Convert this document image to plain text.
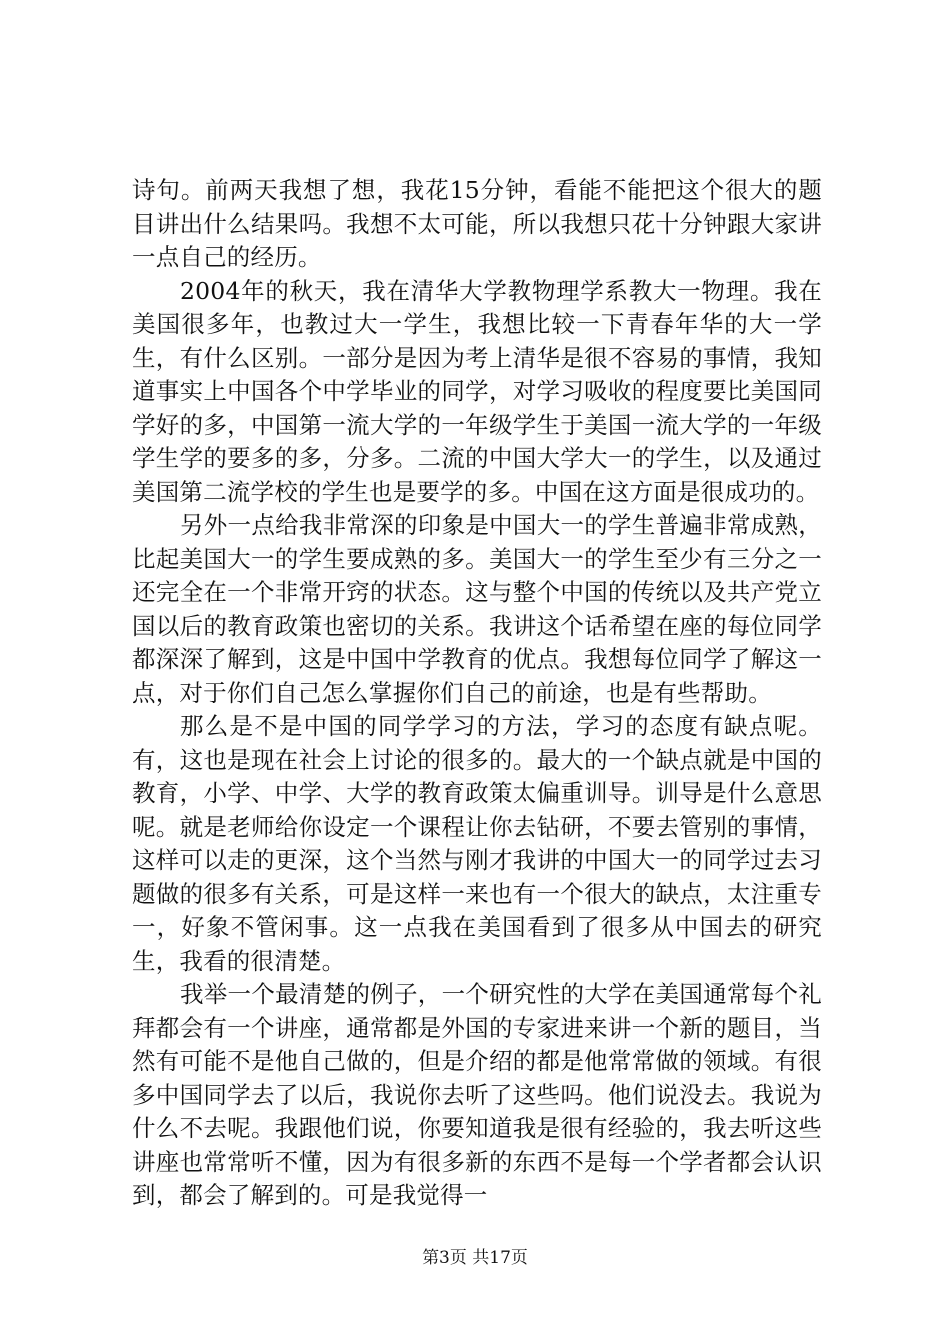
诗句。前两天我想了想，我花15分钟，看能不能把这个很大的题目讲出什么结果吗。我想不太可能，所以我想只花十分钟跟大家讲一点自己的经历。

2004年的秋天，我在清华大学教物理学系教大一物理。我在美国很多年，也教过大一学生，我想比较一下青春年华的大一学生，有什么区别。一部分是因为考上清华是很不容易的事情，我知道事实上中国各个中学毕业的同学，对学习吸收的程度要比美国同学好的多，中国第一流大学的一年级学生于美国一流大学的一年级学生学的要多的多，分多。二流的中国大学大一的学生，以及通过美国第二流学校的学生也是要学的多。中国在这方面是很成功的。

另外一点给我非常深的印象是中国大一的学生普遍非常成熟，比起美国大一的学生要成熟的多。美国大一的学生至少有三分之一还完全在一个非常开窍的状态。这与整个中国的传统以及共产党立国以后的教育政策也密切的关系。我讲这个话希望在座的每位同学都深深了解到，这是中国中学教育的优点。我想每位同学了解这一点，对于你们自己怎么掌握你们自己的前途，也是有些帮助。

那么是不是中国的同学学习的方法，学习的态度有缺点呢。有，这也是现在社会上讨论的很多的。最大的一个缺点就是中国的教育，小学、中学、大学的教育政策太偏重训导。训导是什么意思呢。就是老师给你设定一个课程让你去钻研，不要去管别的事情，这样可以走的更深，这个当然与刚才我讲的中国大一的同学过去习题做的很多有关系，可是这样一来也有一个很大的缺点，太注重专一，好象不管闲事。这一点我在美国看到了很多从中国去的研究生，我看的很清楚。

我举一个最清楚的例子，一个研究性的大学在美国通常每个礼拜都会有一个讲座，通常都是外国的专家进来讲一个新的题目，当然有可能不是他自己做的，但是介绍的都是他常常做的领域。有很多中国同学去了以后，我说你去听了这些吗。他们说没去。我说为什么不去呢。我跟他们说，你要知道我是很有经验的，我去听这些讲座也常常听不懂，因为有很多新的东西不是每一个学者都会认识到，都会了解到的。可是我觉得一

第3页 共17页
